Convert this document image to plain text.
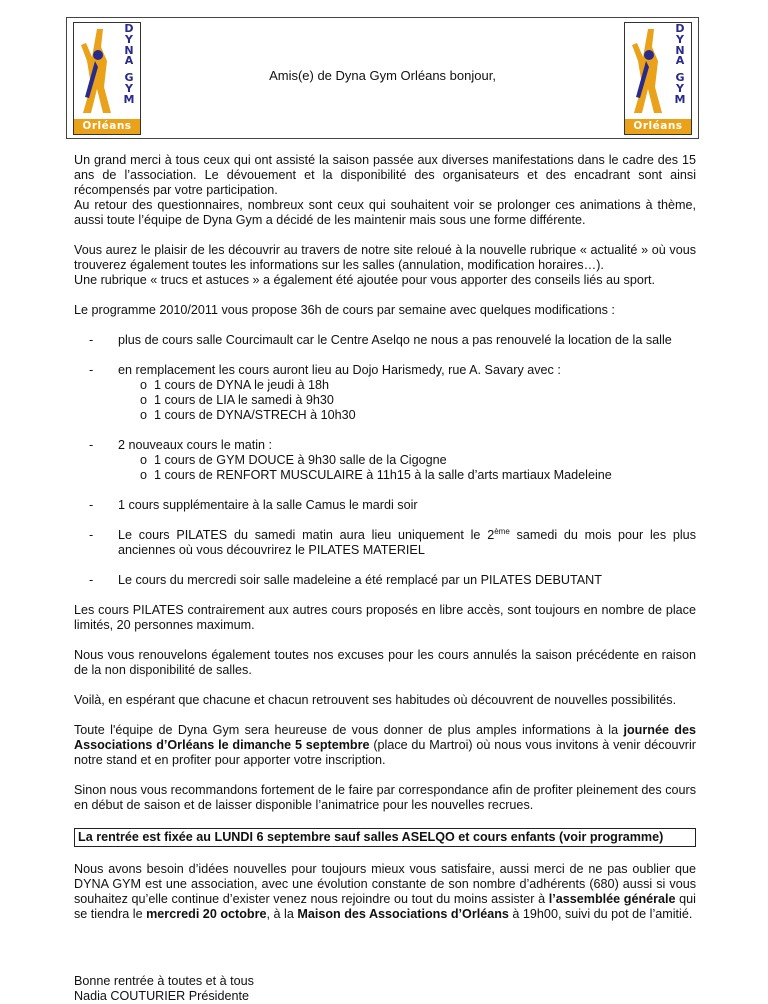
D
Y
N
A
G
Y
M
Orléans
Amis(e) de Dyna Gym Orléans bonjour,
D
Y
N
A
G
Y
M
Orléans

Un grand merci à tous ceux qui ont assisté la saison passée aux diverses manifestations dans le cadre des 15 ans de l’association. Le dévouement et la disponibilité des organisateurs et des encadrant sont ainsi récompensés par votre participation.
Au retour des questionnaires, nombreux sont ceux qui souhaitent voir se prolonger ces animations à thème, aussi toute l’équipe de Dyna Gym a décidé de les maintenir mais sous une forme différente.

Vous aurez le plaisir de les découvrir au travers de notre site reloué à la nouvelle rubrique « actualité » où vous trouverez également toutes les informations sur les salles (annulation, modification horaires…).
Une rubrique « trucs et astuces » a également été ajoutée pour vous apporter des conseils liés au sport.

Le programme 2010/2011 vous propose 36h de cours par semaine avec quelques modifications :

- plus de cours salle Courcimault car le Centre Aselqo ne nous a pas renouvelé la location de la salle
- en remplacement les cours auront lieu au Dojo Harismedy, rue A. Savary avec :
o 1 cours de DYNA le jeudi à 18h
o 1 cours de LIA le samedi à 9h30
o 1 cours de DYNA/STRECH à 10h30
- 2 nouveaux cours le matin :
o 1 cours de GYM DOUCE à 9h30 salle de la Cigogne
o 1 cours de RENFORT MUSCULAIRE à 11h15 à la salle d’arts martiaux Madeleine
- 1 cours supplémentaire à la salle Camus le mardi soir
- Le cours PILATES du samedi matin aura lieu uniquement le 2ème samedi du mois pour les plus anciennes où vous découvrirez le PILATES MATERIEL
- Le cours du mercredi soir salle madeleine a été remplacé par un PILATES DEBUTANT

Les cours PILATES contrairement aux autres cours proposés en libre accès, sont toujours en nombre de place limités, 20 personnes maximum.

Nous vous renouvelons également toutes nos excuses pour les cours annulés la saison précédente en raison de la non disponibilité de salles.

Voilà, en espérant que chacune et chacun retrouvent ses habitudes où découvrent de nouvelles possibilités.

Toute l'équipe de Dyna Gym sera heureuse de vous donner de plus amples informations à la journée des Associations d’Orléans le dimanche 5 septembre (place du Martroi) où nous vous invitons à venir découvrir notre stand et en profiter pour apporter votre inscription.

Sinon nous vous recommandons fortement de le faire par correspondance afin de profiter pleinement des cours en début de saison et de laisser disponible l’animatrice pour les nouvelles recrues.

La rentrée est fixée au LUNDI 6 septembre sauf salles ASELQO et cours enfants (voir programme)

Nous avons besoin d’idées nouvelles pour toujours mieux vous satisfaire, aussi merci de ne pas oublier que DYNA GYM est une association, avec une évolution constante de son nombre d’adhérents (680) aussi si vous souhaitez qu’elle continue d’exister venez nous rejoindre ou tout du moins assister à l’assemblée générale qui se tiendra le mercredi 20 octobre, à la Maison des Associations d’Orléans à 19h00, suivi du pot de l’amitié.

Bonne rentrée à toutes et à tous
Nadia COUTURIER Présidente
